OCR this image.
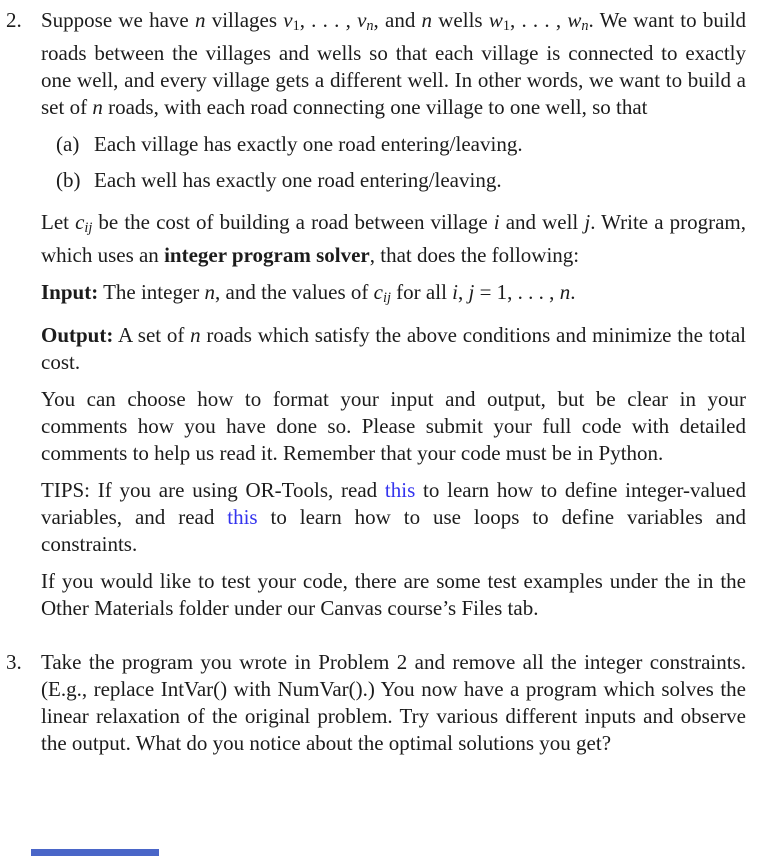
2. Suppose we have n villages $v_1$, . . . , $v_n$, and n wells $w_1$, . . . , $w_n$. We want to build roads between the villages and wells so that each village is connected to exactly one well, and every village gets a different well. In other words, we want to build a set of n roads, with each road connecting one village to one well, so that

(a) Each village has exactly one road entering/leaving.
(b) Each well has exactly one road entering/leaving.

Let $c_{ij}$ be the cost of building a road between village i and well j. Write a program, which uses an integer program solver, that does the following:

Input: The integer n, and the values of $c_{ij}$ for all i, j = 1, . . . , n.

Output: A set of n roads which satisfy the above conditions and minimize the total cost.

You can choose how to format your input and output, but be clear in your comments how you have done so. Please submit your full code with detailed comments to help us read it. Remember that your code must be in Python.

TIPS: If you are using OR-Tools, read this to learn how to define integer-valued variables, and read this to learn how to use loops to define variables and constraints.

If you would like to test your code, there are some test examples under the in the Other Materials folder under our Canvas course’s Files tab.

3. Take the program you wrote in Problem 2 and remove all the integer constraints. (E.g., replace IntVar() with NumVar().) You now have a program which solves the linear relaxation of the original problem. Try various different inputs and observe the output. What do you notice about the optimal solutions you get?
